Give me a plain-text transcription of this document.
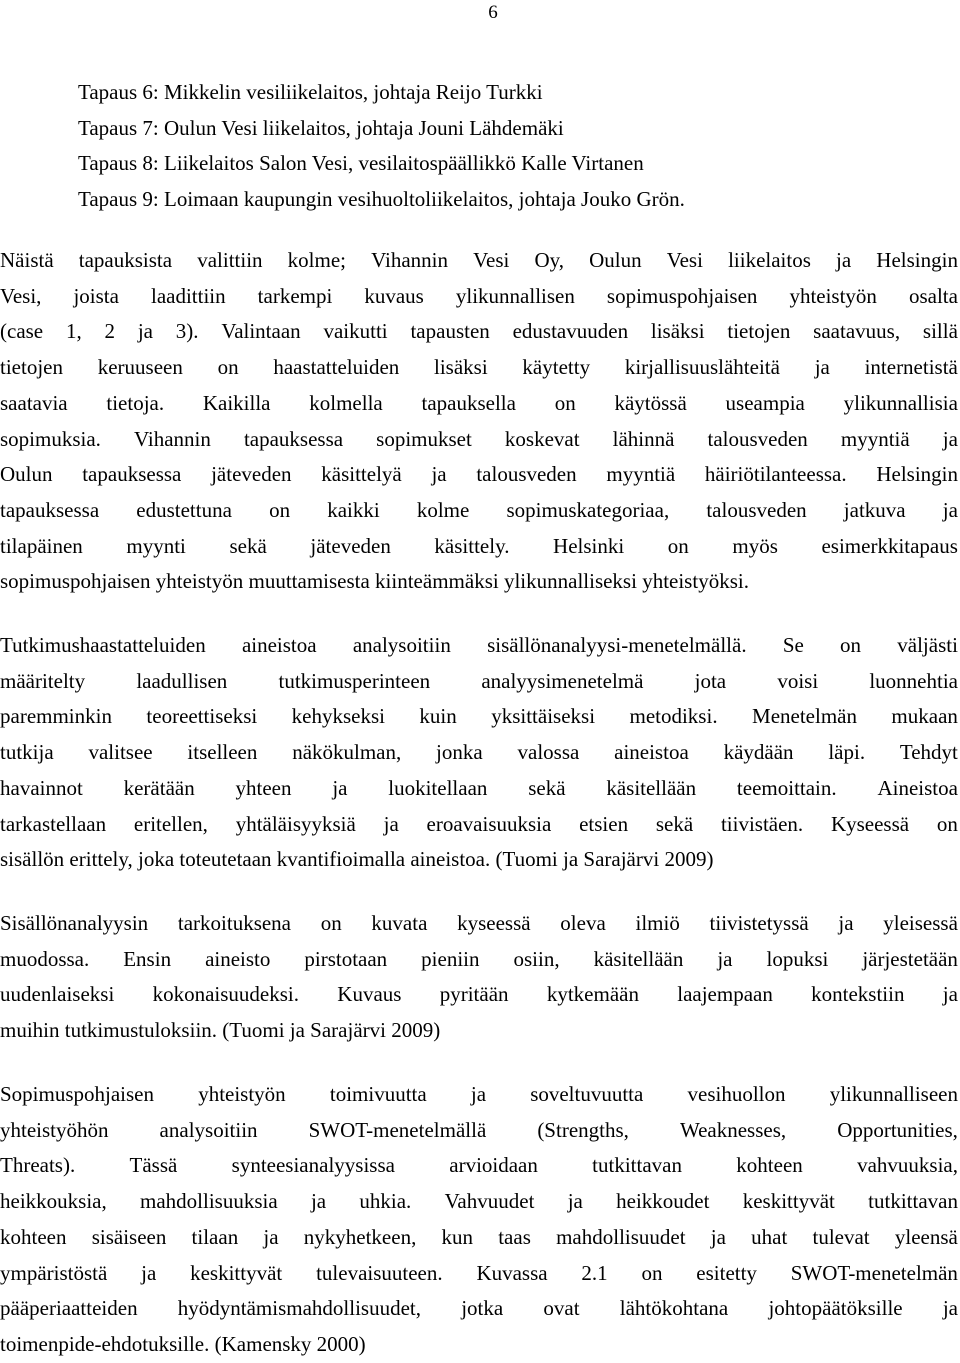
6
Tapaus 6: Mikkelin vesiliikelaitos, johtaja Reijo Turkki
Tapaus 7: Oulun Vesi liikelaitos, johtaja Jouni Lähdemäki
Tapaus 8: Liikelaitos Salon Vesi, vesilaitospäällikkö Kalle Virtanen
Tapaus 9: Loimaan kaupungin vesihuoltoliikelaitos, johtaja Jouko Grön.
Näistä tapauksista valittiin kolme; Vihannin Vesi Oy, Oulun Vesi liikelaitos ja Helsingin
Vesi, joista laadittiin tarkempi kuvaus ylikunnallisen sopimuspohjaisen yhteistyön osalta
(case 1, 2 ja 3). Valintaan vaikutti tapausten edustavuuden lisäksi tietojen saatavuus, sillä
tietojen keruuseen on haastatteluiden lisäksi käytetty kirjallisuuslähteitä ja internetistä
saatavia tietoja. Kaikilla kolmella tapauksella on käytössä useampia ylikunnallisia
sopimuksia. Vihannin tapauksessa sopimukset koskevat lähinnä talousveden myyntiä ja
Oulun tapauksessa jäteveden käsittelyä ja talousveden myyntiä häiriötilanteessa. Helsingin
tapauksessa edustettuna on kaikki kolme sopimuskategoriaa, talousveden jatkuva ja
tilapäinen myynti sekä jäteveden käsittely. Helsinki on myös esimerkkitapaus
sopimuspohjaisen yhteistyön muuttamisesta kiinteämmäksi ylikunnalliseksi yhteistyöksi.
Tutkimushaastatteluiden aineistoa analysoitiin sisällönanalyysi-menetelmällä. Se on väljästi
määritelty laadullisen tutkimusperinteen analyysimenetelmä jota voisi luonnehtia
paremminkin teoreettiseksi kehykseksi kuin yksittäiseksi metodiksi. Menetelmän mukaan
tutkija valitsee itselleen näkökulman, jonka valossa aineistoa käydään läpi. Tehdyt
havainnot kerätään yhteen ja luokitellaan sekä käsitellään teemoittain. Aineistoa
tarkastellaan eritellen, yhtäläisyyksiä ja eroavaisuuksia etsien sekä tiivistäen. Kyseessä on
sisällön erittely, joka toteutetaan kvantifioimalla aineistoa. (Tuomi ja Sarajärvi 2009)
Sisällönanalyysin tarkoituksena on kuvata kyseessä oleva ilmiö tiivistetyssä ja yleisessä
muodossa. Ensin aineisto pirstotaan pieniin osiin, käsitellään ja lopuksi järjestetään
uudenlaiseksi kokonaisuudeksi. Kuvaus pyritään kytkemään laajempaan kontekstiin ja
muihin tutkimustuloksiin. (Tuomi ja Sarajärvi 2009)
Sopimuspohjaisen yhteistyön toimivuutta ja soveltuvuutta vesihuollon ylikunnalliseen
yhteistyöhön analysoitiin SWOT-menetelmällä (Strengths, Weaknesses, Opportunities,
Threats).	Tässä	synteesianalyysissa	arvioidaan	tutkittavan	kohteen	vahvuuksia,
heikkouksia, mahdollisuuksia ja uhkia. Vahvuudet ja heikkoudet keskittyvät tutkittavan
kohteen sisäiseen tilaan ja nykyhetkeen, kun taas mahdollisuudet ja uhat tulevat yleensä
ympäristöstä ja keskittyvät tulevaisuuteen. Kuvassa 2.1 on esitetty SWOT-menetelmän
pääperiaatteiden hyödyntämismahdollisuudet, jotka ovat lähtökohtana johtopäätöksille ja
toimenpide-ehdotuksille. (Kamensky 2000)
